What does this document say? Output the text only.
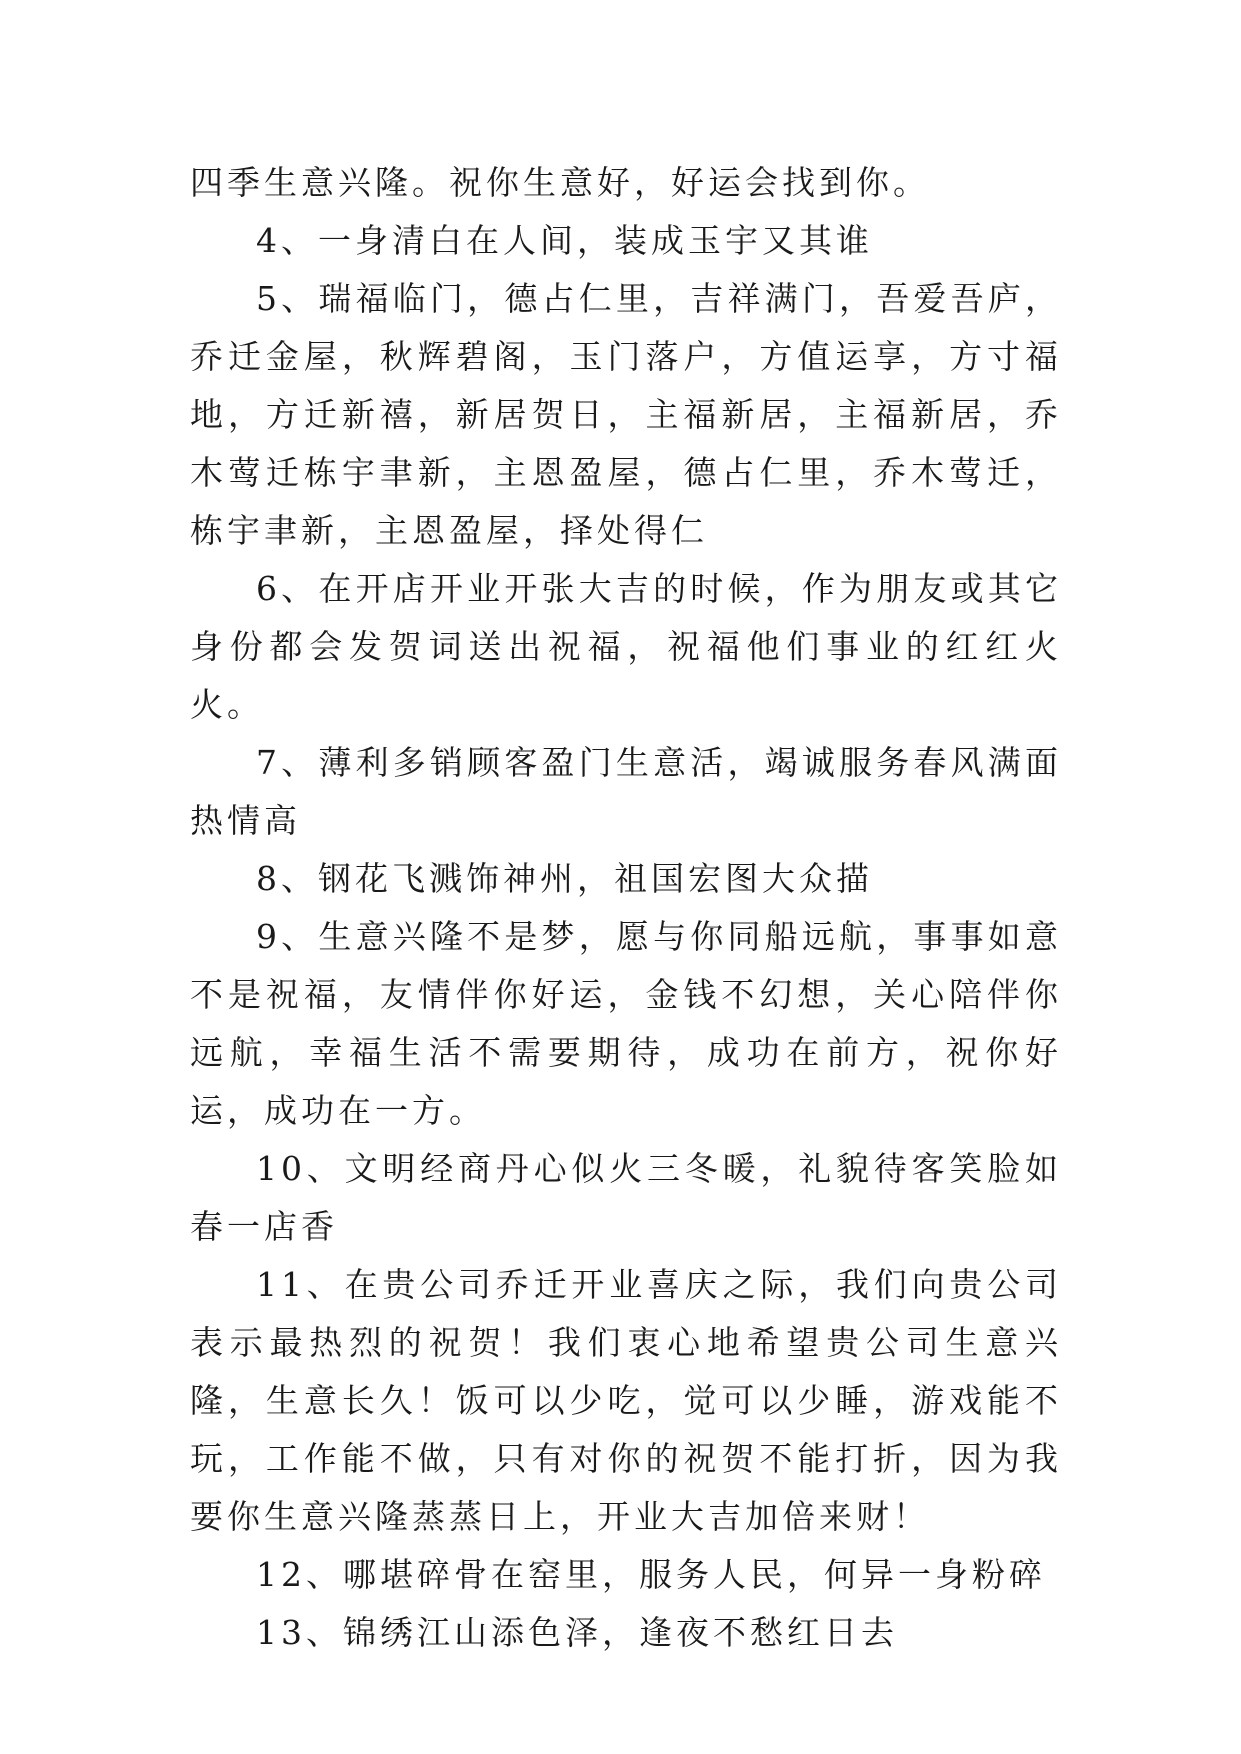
四季生意兴隆。祝你生意好，好运会找到你。

4、一身清白在人间，装成玉宇又其谁

5、瑞福临门，德占仁里，吉祥满门，吾爱吾庐，乔迁金屋，秋辉碧阁，玉门落户，方值运享，方寸福地，方迁新禧，新居贺日，主福新居，主福新居，乔木莺迁栋宇聿新，主恩盈屋，德占仁里，乔木莺迁，栋宇聿新，主恩盈屋，择处得仁

6、在开店开业开张大吉的时候，作为朋友或其它身份都会发贺词送出祝福，祝福他们事业的红红火火。

7、薄利多销顾客盈门生意活，竭诚服务春风满面热情高

8、钢花飞溅饰神州，祖国宏图大众描

9、生意兴隆不是梦，愿与你同船远航，事事如意不是祝福，友情伴你好运，金钱不幻想，关心陪伴你远航，幸福生活不需要期待，成功在前方，祝你好运，成功在一方。

10、文明经商丹心似火三冬暖，礼貌待客笑脸如春一店香

11、在贵公司乔迁开业喜庆之际，我们向贵公司表示最热烈的祝贺！我们衷心地希望贵公司生意兴隆，生意长久！饭可以少吃，觉可以少睡，游戏能不玩，工作能不做，只有对你的祝贺不能打折，因为我要你生意兴隆蒸蒸日上，开业大吉加倍来财！

12、哪堪碎骨在窑里，服务人民，何异一身粉碎

13、锦绣江山添色泽，逢夜不愁红日去
